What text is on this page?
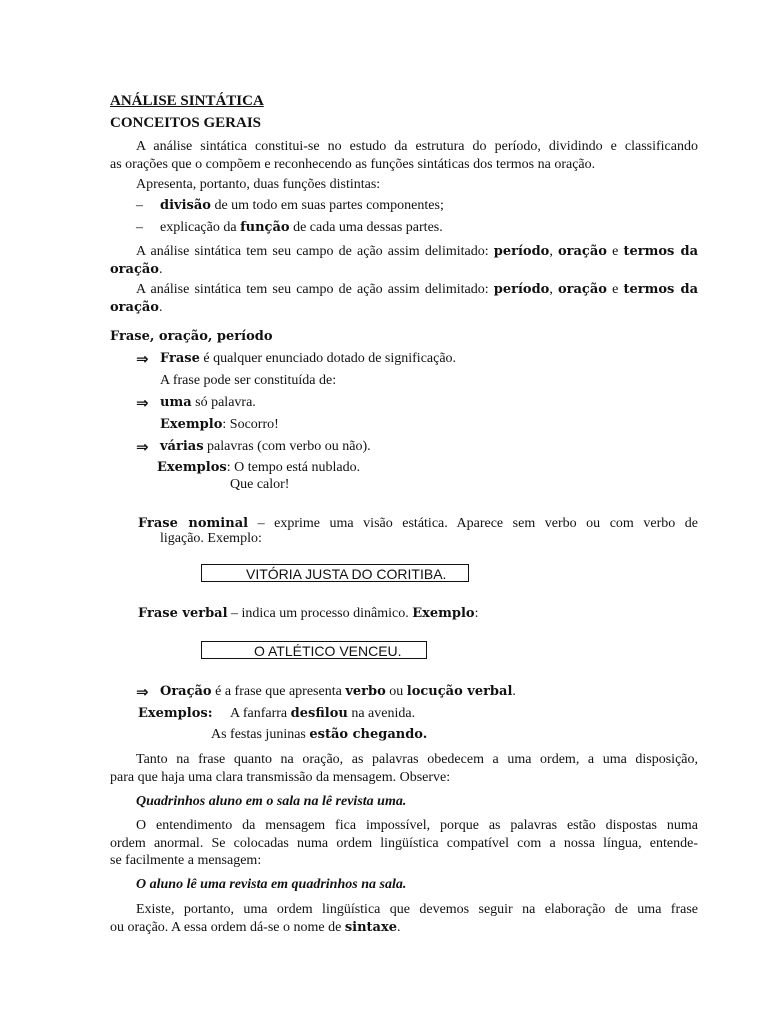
ANÁLISE SINTÁTICA
CONCEITOS GERAIS
A análise sintática constitui-se no estudo da estrutura do período, dividindo e classificando
as orações que o compõem e reconhecendo as funções sintáticas dos termos na oração.
Apresenta, portanto, duas funções distintas:
– divisão de um todo em suas partes componentes;
– explicação da função de cada uma dessas partes.
A análise sintática tem seu campo de ação assim delimitado: período, oração e termos da
oração.
A análise sintática tem seu campo de ação assim delimitado: período, oração e termos da
oração.
Frase, oração, período
⇒ Frase é qualquer enunciado dotado de significação.
A frase pode ser constituída de:
⇒ uma só palavra.
Exemplo: Socorro!
⇒ várias palavras (com verbo ou não).
Exemplos: O tempo está nublado.
Que calor!
Frase nominal – exprime uma visão estática. Aparece sem verbo ou com verbo de
ligação. Exemplo:
VITÓRIA JUSTA DO CORITIBA.
Frase verbal – indica um processo dinâmico. Exemplo:
O ATLÉTICO VENCEU.
⇒ Oração é a frase que apresenta verbo ou locução verbal.
Exemplos: A fanfarra desfilou na avenida.
As festas juninas estão chegando.
Tanto na frase quanto na oração, as palavras obedecem a uma ordem, a uma disposição,
para que haja uma clara transmissão da mensagem. Observe:
Quadrinhos aluno em o sala na lê revista uma.
O entendimento da mensagem fica impossível, porque as palavras estão dispostas numa
ordem anormal. Se colocadas numa ordem lingüística compatível com a nossa língua, entende-
se facilmente a mensagem:
O aluno lê uma revista em quadrinhos na sala.
Existe, portanto, uma ordem lingüística que devemos seguir na elaboração de uma frase
ou oração. A essa ordem dá-se o nome de sintaxe.
